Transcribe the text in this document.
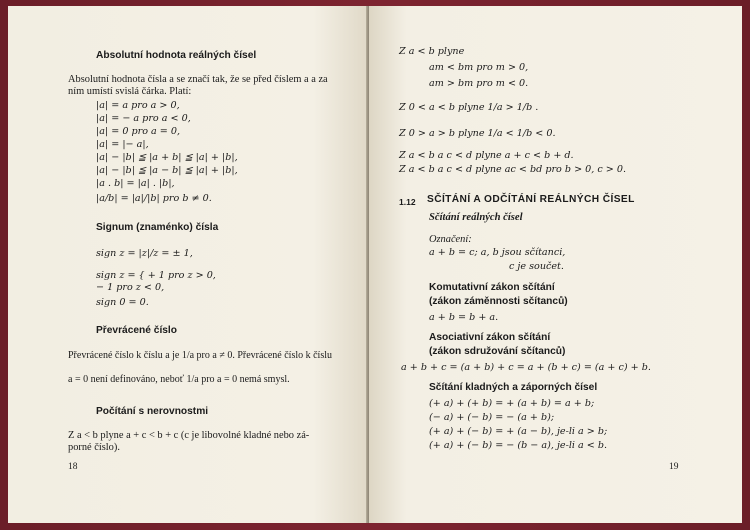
Absolutní hodnota reálných čísel
Absolutní hodnota čísla a se značí tak, že se před číslem a a za
ním umístí svislá čárka. Platí:
|a| = a pro a > 0,
|a| = − a pro a < 0,
|a| = 0 pro a = 0,
|a| = |− a|,
|a| − |b| ≦ |a + b| ≦ |a| + |b|,
|a| − |b| ≦ |a − b| ≦ |a| + |b|,
|a . b| = |a| . |b|,
|a/b| = |a|/|b| pro b ≠ 0.
Signum (znaménko) čísla
sign z = |z|/z = ± 1,
sign z = { + 1 pro z > 0,
− 1 pro z < 0,
sign 0 = 0.
Převrácené číslo
Převrácené číslo k číslu a je 1/a pro a ≠ 0. Převrácené číslo k číslu
a = 0 není definováno, neboť 1/a pro a = 0 nemá smysl.
Počítání s nerovnostmi
Z a < b plyne a + c < b + c (c je libovolné kladné nebo zá-
porné číslo).
18
Z a < b plyne
am < bm pro m > 0,
am > bm pro m < 0.
Z 0 < a < b plyne 1/a > 1/b .
Z 0 > a > b plyne 1/a < 1/b < 0.
Z a < b a c < d plyne a + c < b + d.
Z a < b a c < d plyne ac < bd pro b > 0, c > 0.
1.12 SČÍTÁNÍ A ODČÍTÁNÍ REÁLNÝCH ČÍSEL
Sčítání reálných čísel
Označení:
a + b = c; a, b jsou sčítanci,
c je součet.
Komutativní zákon sčítání
(zákon záměnnosti sčítanců)
a + b = b + a.
Asociativní zákon sčítání
(zákon sdružování sčítanců)
a + b + c = (a + b) + c = a + (b + c) = (a + c) + b.
Sčítání kladných a záporných čísel
(+ a) + (+ b) = + (a + b) = a + b;
(− a) + (− b) = − (a + b);
(+ a) + (− b) = + (a − b), je-li a > b;
(+ a) + (− b) = − (b − a), je-li a < b.
19
